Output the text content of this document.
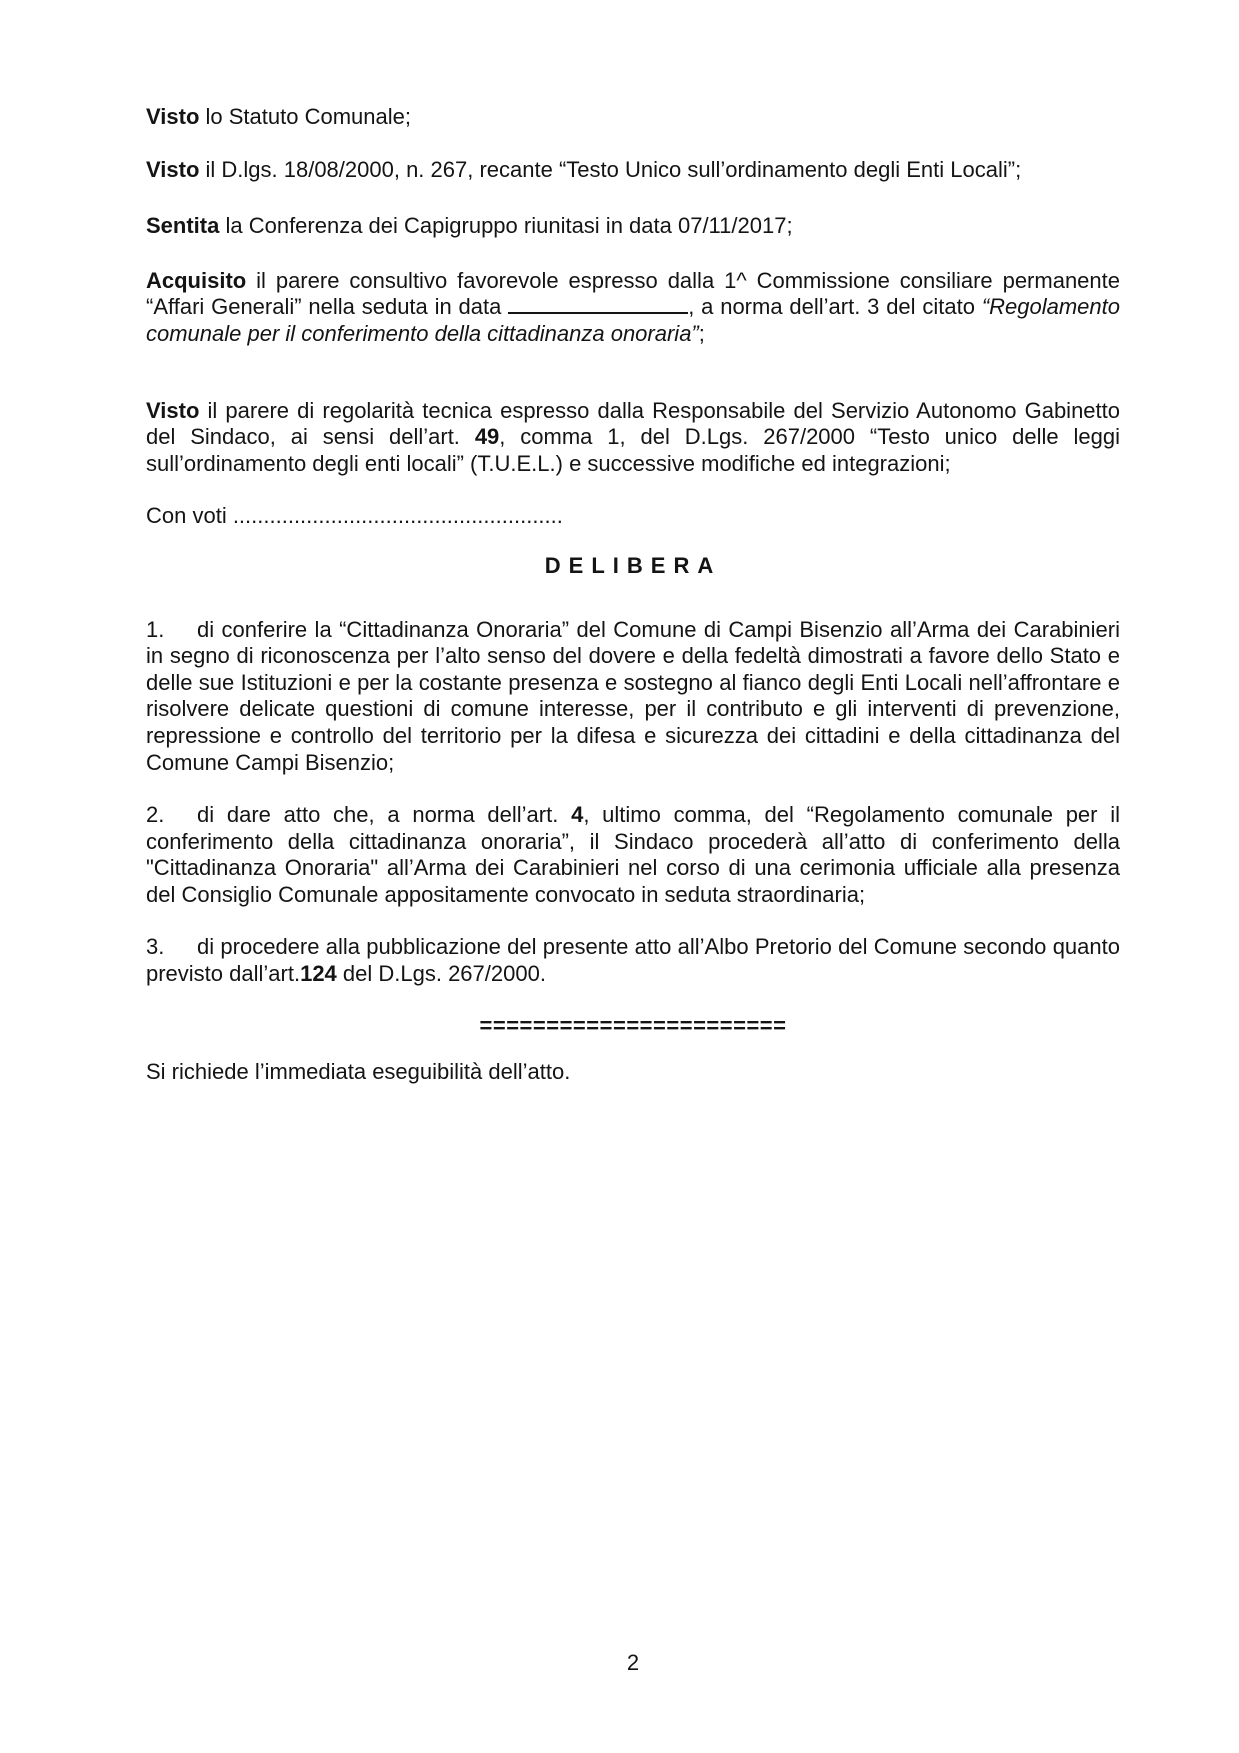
Visto lo Statuto Comunale;

Visto il D.lgs. 18/08/2000, n. 267, recante “Testo Unico sull’ordinamento degli Enti Locali”;

Sentita la Conferenza dei Capigruppo riunitasi in data 07/11/2017;

Acquisito il parere consultivo favorevole espresso dalla 1^ Commissione consiliare permanente “Affari Generali” nella seduta in data	, a norma dell’art. 3 del citato “Regolamento comunale per il conferimento della cittadinanza onoraria”;

Visto il parere di regolarità tecnica espresso dalla Responsabile del Servizio Autonomo Gabinetto del Sindaco, ai sensi dell’art. 49, comma 1, del D.Lgs. 267/2000 “Testo unico delle leggi sull’ordinamento degli enti locali” (T.U.E.L.) e successive modifiche ed integrazioni;

Con voti ......................................................

DELIBERA

1. di conferire la “Cittadinanza Onoraria” del Comune di Campi Bisenzio all’Arma dei Carabinieri in segno di riconoscenza per l’alto senso del dovere e della fedeltà dimostrati a favore dello Stato e delle sue Istituzioni e per la costante presenza e sostegno al fianco degli Enti Locali nell’affrontare e risolvere delicate questioni di comune interesse, per il contributo e gli interventi di prevenzione, repressione e controllo del territorio per la difesa e sicurezza dei cittadini e della cittadinanza del Comune Campi Bisenzio;

2. di dare atto che, a norma dell’art. 4, ultimo comma, del “Regolamento comunale per il conferimento della cittadinanza onoraria”, il Sindaco procederà all’atto di conferimento della "Cittadinanza Onoraria" all’Arma dei Carabinieri nel corso di una cerimonia ufficiale alla presenza del Consiglio Comunale appositamente convocato in seduta straordinaria;

3. di procedere alla pubblicazione del presente atto all’Albo Pretorio del Comune secondo quanto previsto dall’art.124 del D.Lgs. 267/2000.

=======================

Si richiede l’immediata eseguibilità dell’atto.

2
